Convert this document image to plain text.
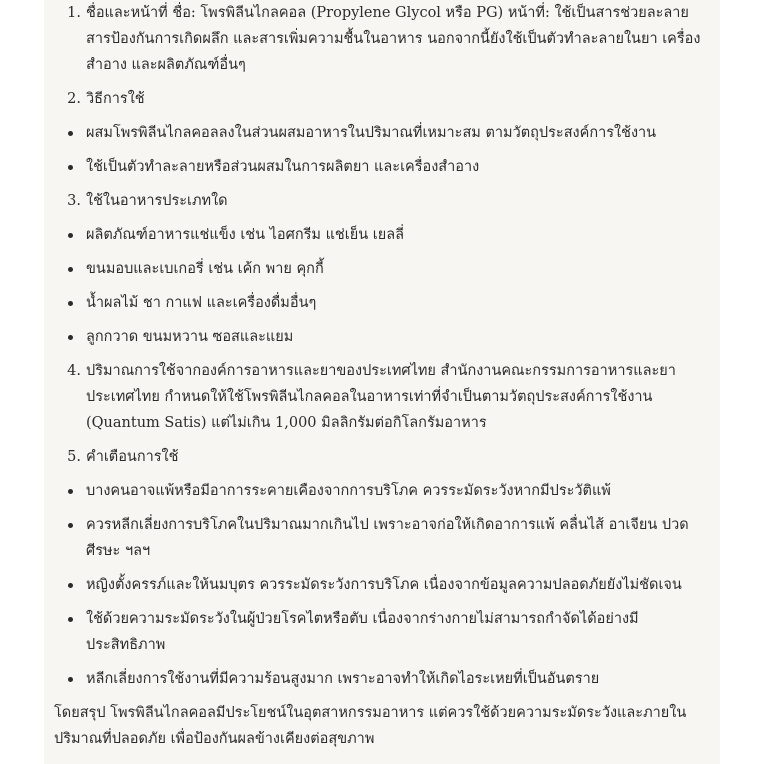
1. ชื่อและหน้าที่ ชื่อ: โพรพิลีนไกลคอล (Propylene Glycol หรือ PG) หน้าที่: ใช้เป็นสารช่วยละลาย สารป้องกันการเกิดผลึก และสารเพิ่มความชื้นในอาหาร นอกจากนี้ยังใช้เป็นตัวทำละลายในยา เครื่องสำอาง และผลิตภัณฑ์อื่นๆ
2. วิธีการใช้
ผสมโพรพิลีนไกลคอลลงในส่วนผสมอาหารในปริมาณที่เหมาะสม ตามวัตถุประสงค์การใช้งาน
ใช้เป็นตัวทำละลายหรือส่วนผสมในการผลิตยา และเครื่องสำอาง
3. ใช้ในอาหารประเภทใด
ผลิตภัณฑ์อาหารแช่แข็ง เช่น ไอศกรีม แช่เย็น เยลลี่
ขนมอบและเบเกอรี่ เช่น เค้ก พาย คุกกี้
น้ำผลไม้ ชา กาแฟ และเครื่องดื่มอื่นๆ
ลูกกวาด ขนมหวาน ซอสและแยม
4. ปริมาณการใช้จากองค์การอาหารและยาของประเทศไทย สำนักงานคณะกรรมการอาหารและยาประเทศไทย กำหนดให้ใช้โพรพิลีนไกลคอลในอาหารเท่าที่จำเป็นตามวัตถุประสงค์การใช้งาน (Quantum Satis) แต่ไม่เกิน 1,000 มิลลิกรัมต่อกิโลกรัมอาหาร
5. คำเตือนการใช้
บางคนอาจแพ้หรือมีอาการระคายเคืองจากการบริโภค ควรระมัดระวังหากมีประวัติแพ้
ควรหลีกเลี่ยงการบริโภคในปริมาณมากเกินไป เพราะอาจก่อให้เกิดอาการแพ้ คลื่นไส้ อาเจียน ปวดศีรษะ ฯลฯ
หญิงตั้งครรภ์และให้นมบุตร ควรระมัดระวังการบริโภค เนื่องจากข้อมูลความปลอดภัยยังไม่ชัดเจน
ใช้ด้วยความระมัดระวังในผู้ป่วยโรคไตหรือตับ เนื่องจากร่างกายไม่สามารถกำจัดได้อย่างมีประสิทธิภาพ
หลีกเลี่ยงการใช้งานที่มีความร้อนสูงมาก เพราะอาจทำให้เกิดไอระเหยที่เป็นอันตราย

โดยสรุป โพรพิลีนไกลคอลมีประโยชน์ในอุตสาหกรรมอาหาร แต่ควรใช้ด้วยความระมัดระวังและภายในปริมาณที่ปลอดภัย เพื่อป้องกันผลข้างเคียงต่อสุขภาพ
